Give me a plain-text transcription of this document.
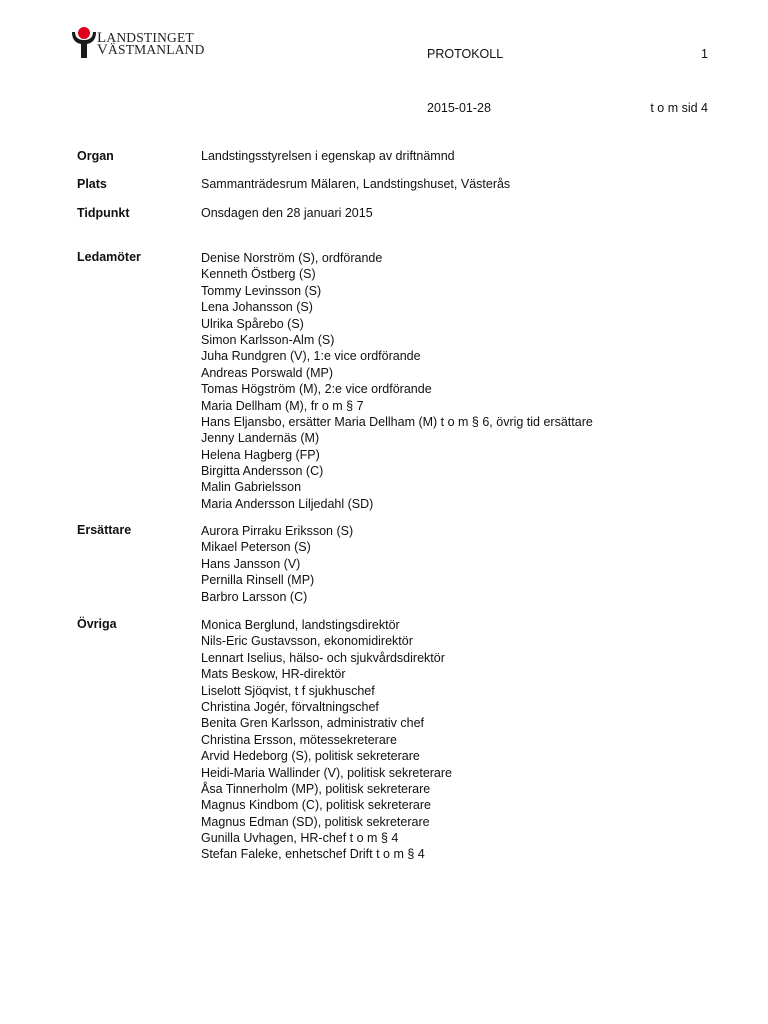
LANDSTINGET
VÄSTMANLAND	PROTOKOLL	1
2015-01-28	t o m sid 4
Organ	Landstingsstyrelsen i egenskap av driftnämnd
Plats	Sammanträdesrum Mälaren, Landstingshuset, Västerås
Tidpunkt	Onsdagen den 28 januari 2015
Ledamöter	Denise Norström (S), ordförande
Kenneth Östberg (S)
Tommy Levinsson (S)
Lena Johansson (S)
Ulrika Spårebo (S)
Simon Karlsson-Alm (S)
Juha Rundgren (V), 1:e vice ordförande
Andreas Porswald (MP)
Tomas Högström (M), 2:e vice ordförande
Maria Dellham (M), fr o m § 7
Hans Eljansbo, ersätter Maria Dellham (M) t o m § 6, övrig tid ersättare
Jenny Landernäs (M)
Helena Hagberg (FP)
Birgitta Andersson (C)
Malin Gabrielsson
Maria Andersson Liljedahl (SD)
Ersättare	Aurora Pirraku Eriksson (S)
Mikael Peterson (S)
Hans Jansson (V)
Pernilla Rinsell (MP)
Barbro Larsson (C)
Övriga	Monica Berglund, landstingsdirektör
Nils-Eric Gustavsson, ekonomidirektör
Lennart Iselius, hälso- och sjukvårdsdirektör
Mats Beskow, HR-direktör
Liselott Sjöqvist, t f sjukhuschef
Christina Jogér, förvaltningschef
Benita Gren Karlsson, administrativ chef
Christina Ersson, mötessekreterare
Arvid Hedeborg (S), politisk sekreterare
Heidi-Maria Wallinder (V), politisk sekreterare
Åsa Tinnerholm (MP), politisk sekreterare
Magnus Kindbom (C), politisk sekreterare
Magnus Edman (SD), politisk sekreterare
Gunilla Uvhagen, HR-chef t o m § 4
Stefan Faleke, enhetschef Drift t o m § 4
